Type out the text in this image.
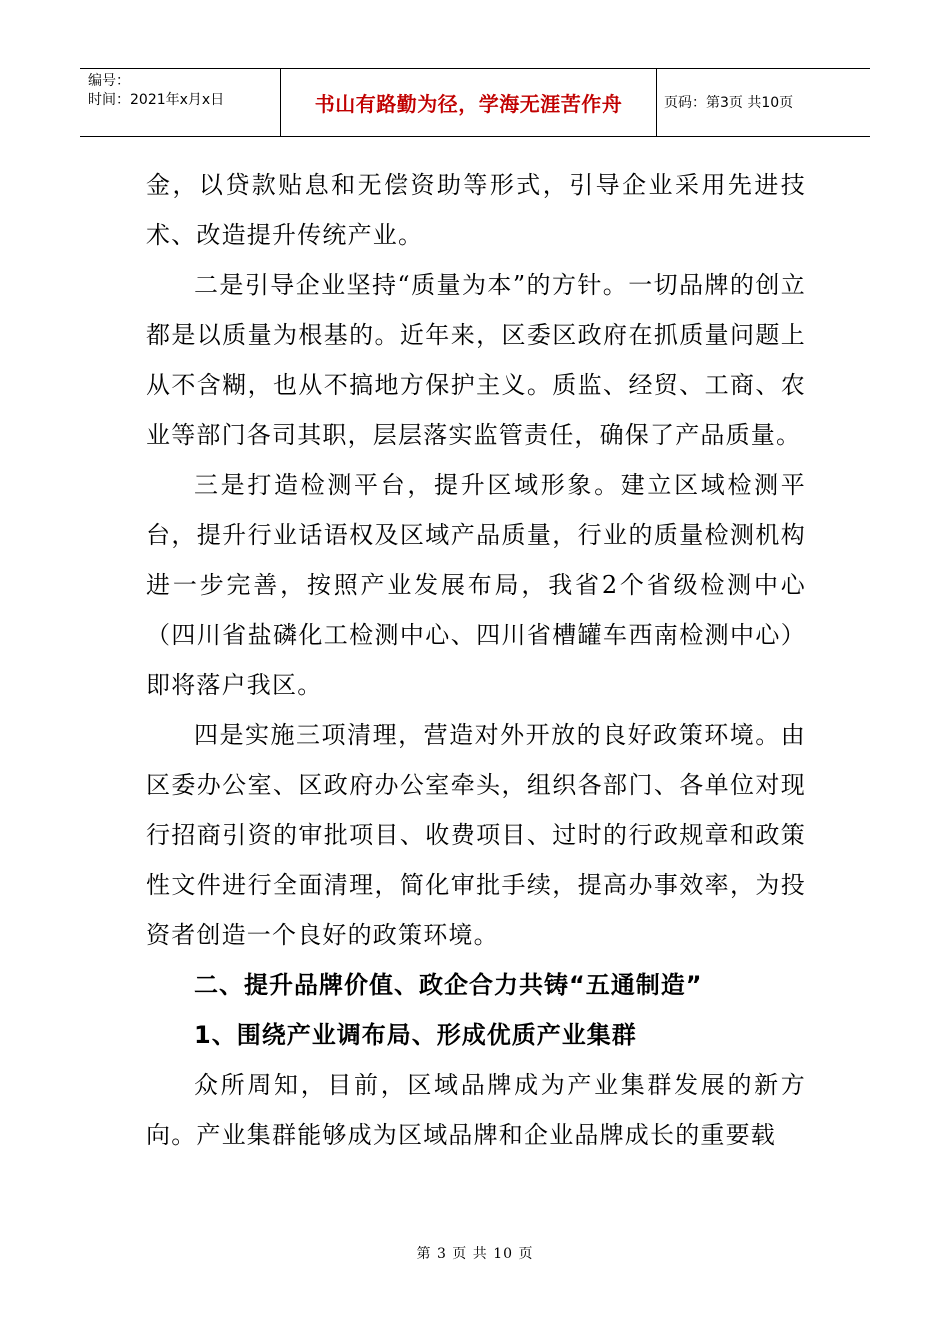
编号：
时间：2021年x月x日	书山有路勤为径，学海无涯苦作舟	页码：第3页 共10页

金，以贷款贴息和无偿资助等形式，引导企业采用先进技术、改造提升传统产业。

二是引导企业坚持“质量为本”的方针。一切品牌的创立都是以质量为根基的。近年来，区委区政府在抓质量问题上从不含糊，也从不搞地方保护主义。质监、经贸、工商、农业等部门各司其职，层层落实监管责任，确保了产品质量。

三是打造检测平台，提升区域形象。建立区域检测平台，提升行业话语权及区域产品质量，行业的质量检测机构进一步完善，按照产业发展布局，我省2个省级检测中心（四川省盐磷化工检测中心、四川省槽罐车西南检测中心）即将落户我区。

四是实施三项清理，营造对外开放的良好政策环境。由区委办公室、区政府办公室牵头，组织各部门、各单位对现行招商引资的审批项目、收费项目、过时的行政规章和政策性文件进行全面清理，简化审批手续，提高办事效率，为投资者创造一个良好的政策环境。

二、提升品牌价值、政企合力共铸“五通制造”

1、围绕产业调布局、形成优质产业集群

众所周知，目前，区域品牌成为产业集群发展的新方向。产业集群能够成为区域品牌和企业品牌成长的重要载

第 3 页 共 10 页
